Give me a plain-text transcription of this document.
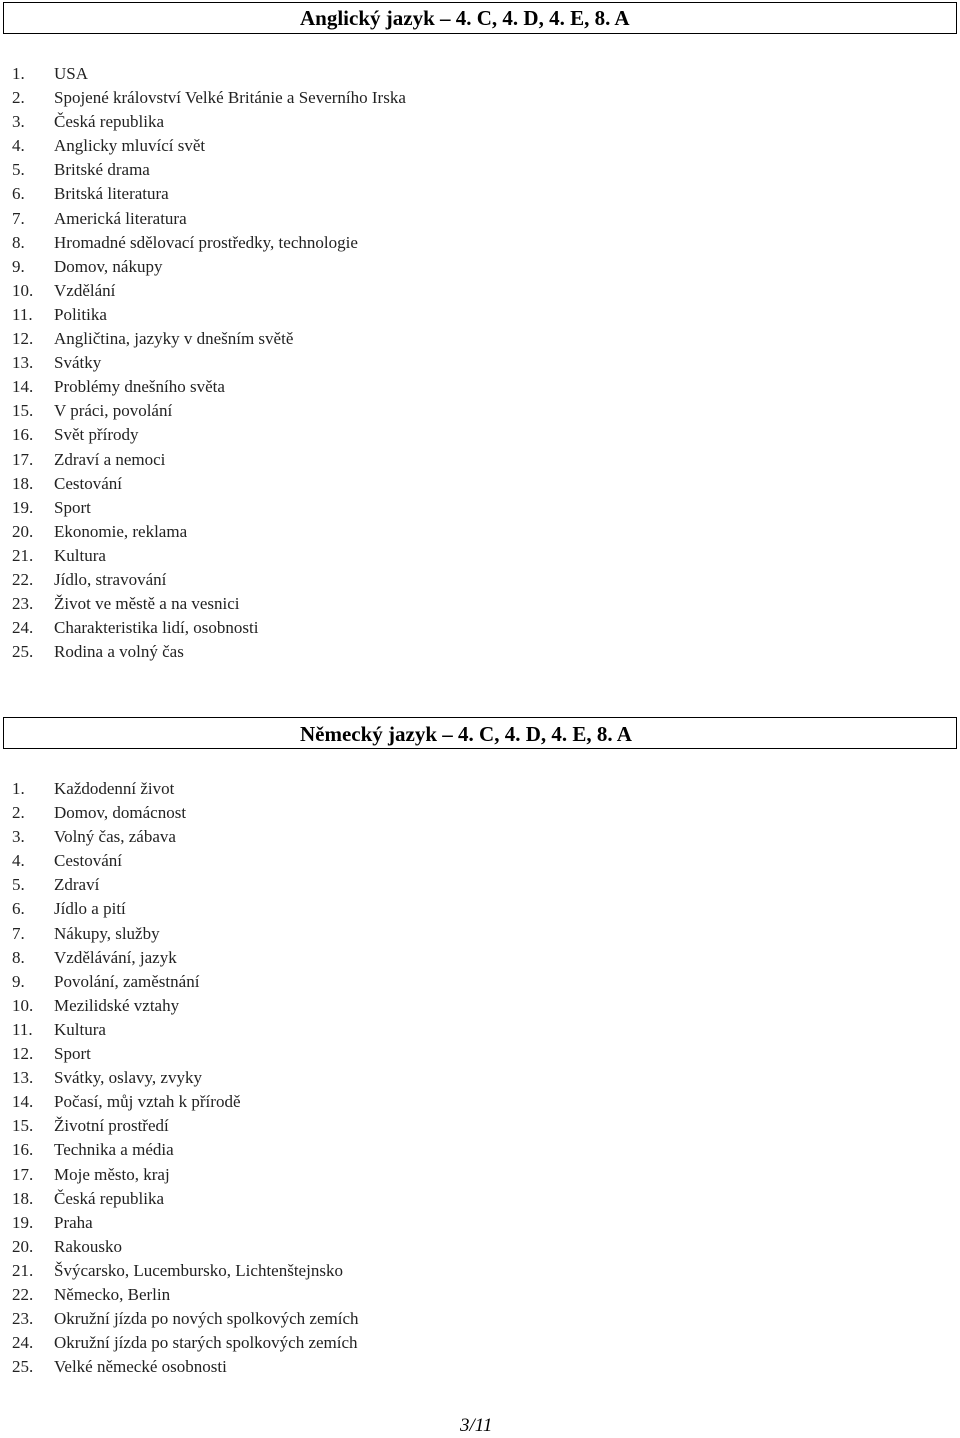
Anglický jazyk – 4. C, 4. D, 4. E, 8. A
1.	USA
2.	Spojené království Velké Británie a Severního Irska
3.	Česká republika
4.	Anglicky mluvící svět
5.	Britské drama
6.	Britská literatura
7.	Americká literatura
8.	Hromadné sdělovací prostředky, technologie
9.	Domov, nákupy
10.	Vzdělání
11.	Politika
12.	Angličtina, jazyky v dnešním světě
13.	Svátky
14.	Problémy dnešního světa
15.	V práci, povolání
16.	Svět přírody
17.	Zdraví a nemoci
18.	Cestování
19.	Sport
20.	Ekonomie, reklama
21.	Kultura
22.	Jídlo, stravování
23.	Život ve městě a na vesnici
24.	Charakteristika lidí, osobnosti
25.	Rodina a volný čas
Německý jazyk – 4. C, 4. D, 4. E, 8. A
1.	Každodenní život
2.	Domov, domácnost
3.	Volný čas, zábava
4.	Cestování
5.	Zdraví
6.	Jídlo a pití
7.	Nákupy, služby
8.	Vzdělávání, jazyk
9.	Povolání, zaměstnání
10.	Mezilidské vztahy
11.	Kultura
12.	Sport
13.	Svátky, oslavy, zvyky
14.	Počasí, můj vztah k přírodě
15.	Životní prostředí
16.	Technika a média
17.	Moje město, kraj
18.	Česká republika
19.	Praha
20.	Rakousko
21.	Švýcarsko, Lucembursko, Lichtenštejnsko
22.	Německo, Berlin
23.	Okružní jízda po nových spolkových zemích
24.	Okružní jízda po starých spolkových zemích
25.	Velké německé osobnosti
3/11
